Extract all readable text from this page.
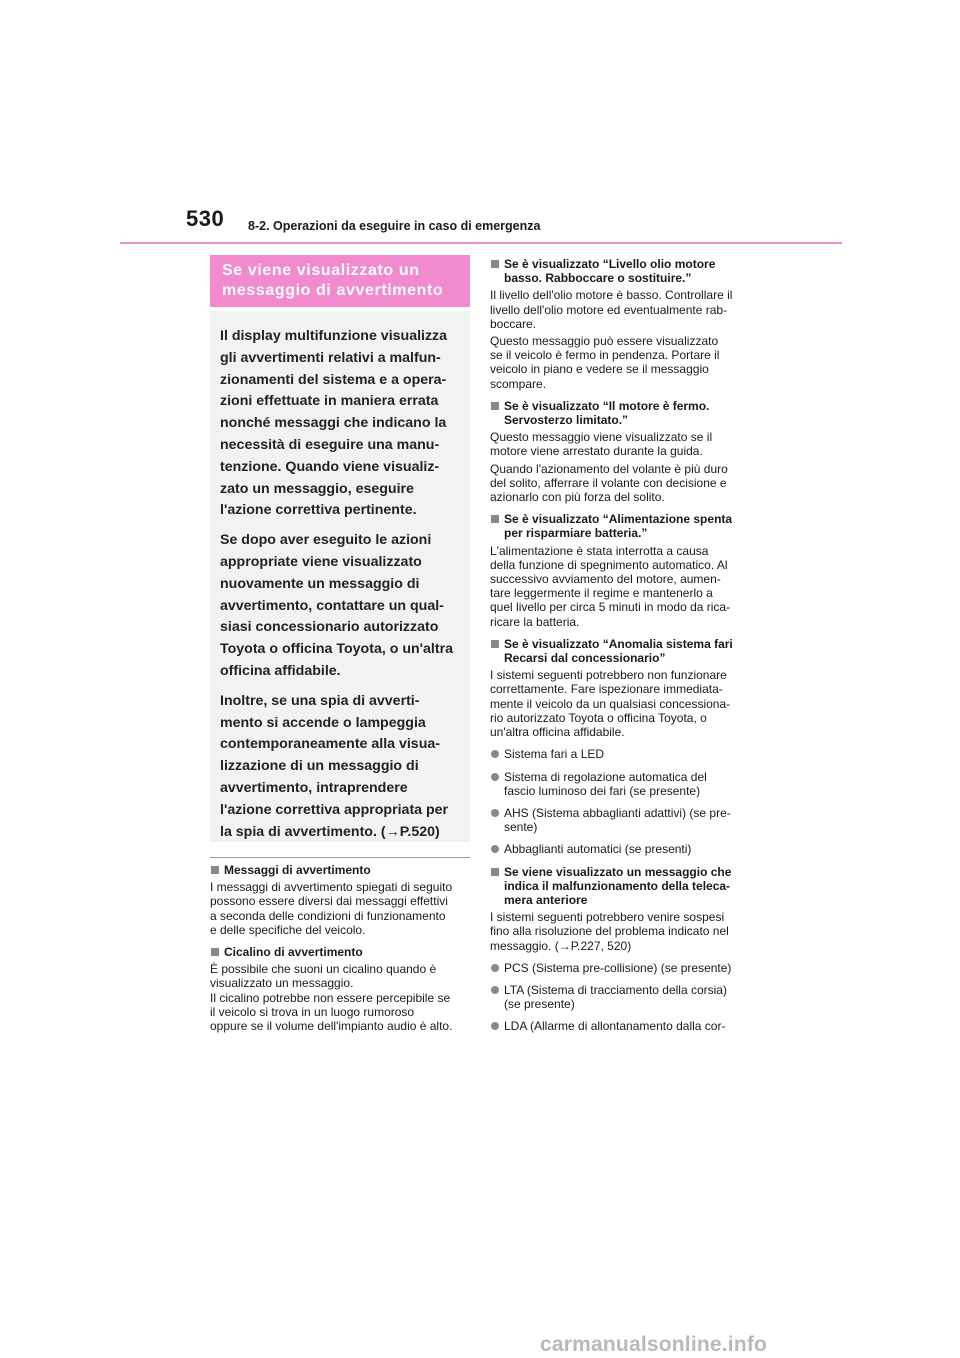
530 8-2. Operazioni da eseguire in caso di emergenza
Se viene visualizzato un
messaggio di avvertimento

Il display multifunzione visualizza
gli avvertimenti relativi a malfun-
zionamenti del sistema e a opera-
zioni effettuate in maniera errata
nonché messaggi che indicano la
necessità di eseguire una manu-
tenzione. Quando viene visualiz-
zato un messaggio, eseguire
l'azione correttiva pertinente.

Se dopo aver eseguito le azioni
appropriate viene visualizzato
nuovamente un messaggio di
avvertimento, contattare un qual-
siasi concessionario autorizzato
Toyota o officina Toyota, o un'altra
officina affidabile.

Inoltre, se una spia di avverti-
mento si accende o lampeggia
contemporaneamente alla visua-
lizzazione di un messaggio di
avvertimento, intraprendere
l'azione correttiva appropriata per
la spia di avvertimento. (→P.520)

Messaggi di avvertimento
I messaggi di avvertimento spiegati di seguito
possono essere diversi dai messaggi effettivi
a seconda delle condizioni di funzionamento
e delle specifiche del veicolo.
Cicalino di avvertimento
È possibile che suoni un cicalino quando è
visualizzato un messaggio.
Il cicalino potrebbe non essere percepibile se
il veicolo si trova in un luogo rumoroso
oppure se il volume dell'impianto audio è alto.
Se è visualizzato “Livello olio motore
basso. Rabboccare o sostituire.”
Il livello dell'olio motore è basso. Controllare il
livello dell'olio motore ed eventualmente rab-
boccare.
Questo messaggio può essere visualizzato
se il veicolo è fermo in pendenza. Portare il
veicolo in piano e vedere se il messaggio
scompare.
Se è visualizzato “Il motore è fermo.
Servosterzo limitato.”
Questo messaggio viene visualizzato se il
motore viene arrestato durante la guida.
Quando l'azionamento del volante è più duro
del solito, afferrare il volante con decisione e
azionarlo con più forza del solito.
Se è visualizzato “Alimentazione spenta
per risparmiare batteria.”
L'alimentazione è stata interrotta a causa
della funzione di spegnimento automatico. Al
successivo avviamento del motore, aumen-
tare leggermente il regime e mantenerlo a
quel livello per circa 5 minuti in modo da rica-
ricare la batteria.
Se è visualizzato “Anomalia sistema fari
Recarsi dal concessionario”
I sistemi seguenti potrebbero non funzionare
correttamente. Fare ispezionare immediata-
mente il veicolo da un qualsiasi concessiona-
rio autorizzato Toyota o officina Toyota, o
un'altra officina affidabile.
Sistema fari a LED
Sistema di regolazione automatica del
fascio luminoso dei fari (se presente)
AHS (Sistema abbaglianti adattivi) (se pre-
sente)
Abbaglianti automatici (se presenti)
Se viene visualizzato un messaggio che
indica il malfunzionamento della teleca-
mera anteriore
I sistemi seguenti potrebbero venire sospesi
fino alla risoluzione del problema indicato nel
messaggio. (→P.227, 520)
PCS (Sistema pre-collisione) (se presente)
LTA (Sistema di tracciamento della corsia)
(se presente)
LDA (Allarme di allontanamento dalla cor-
carmanualsonline.info
